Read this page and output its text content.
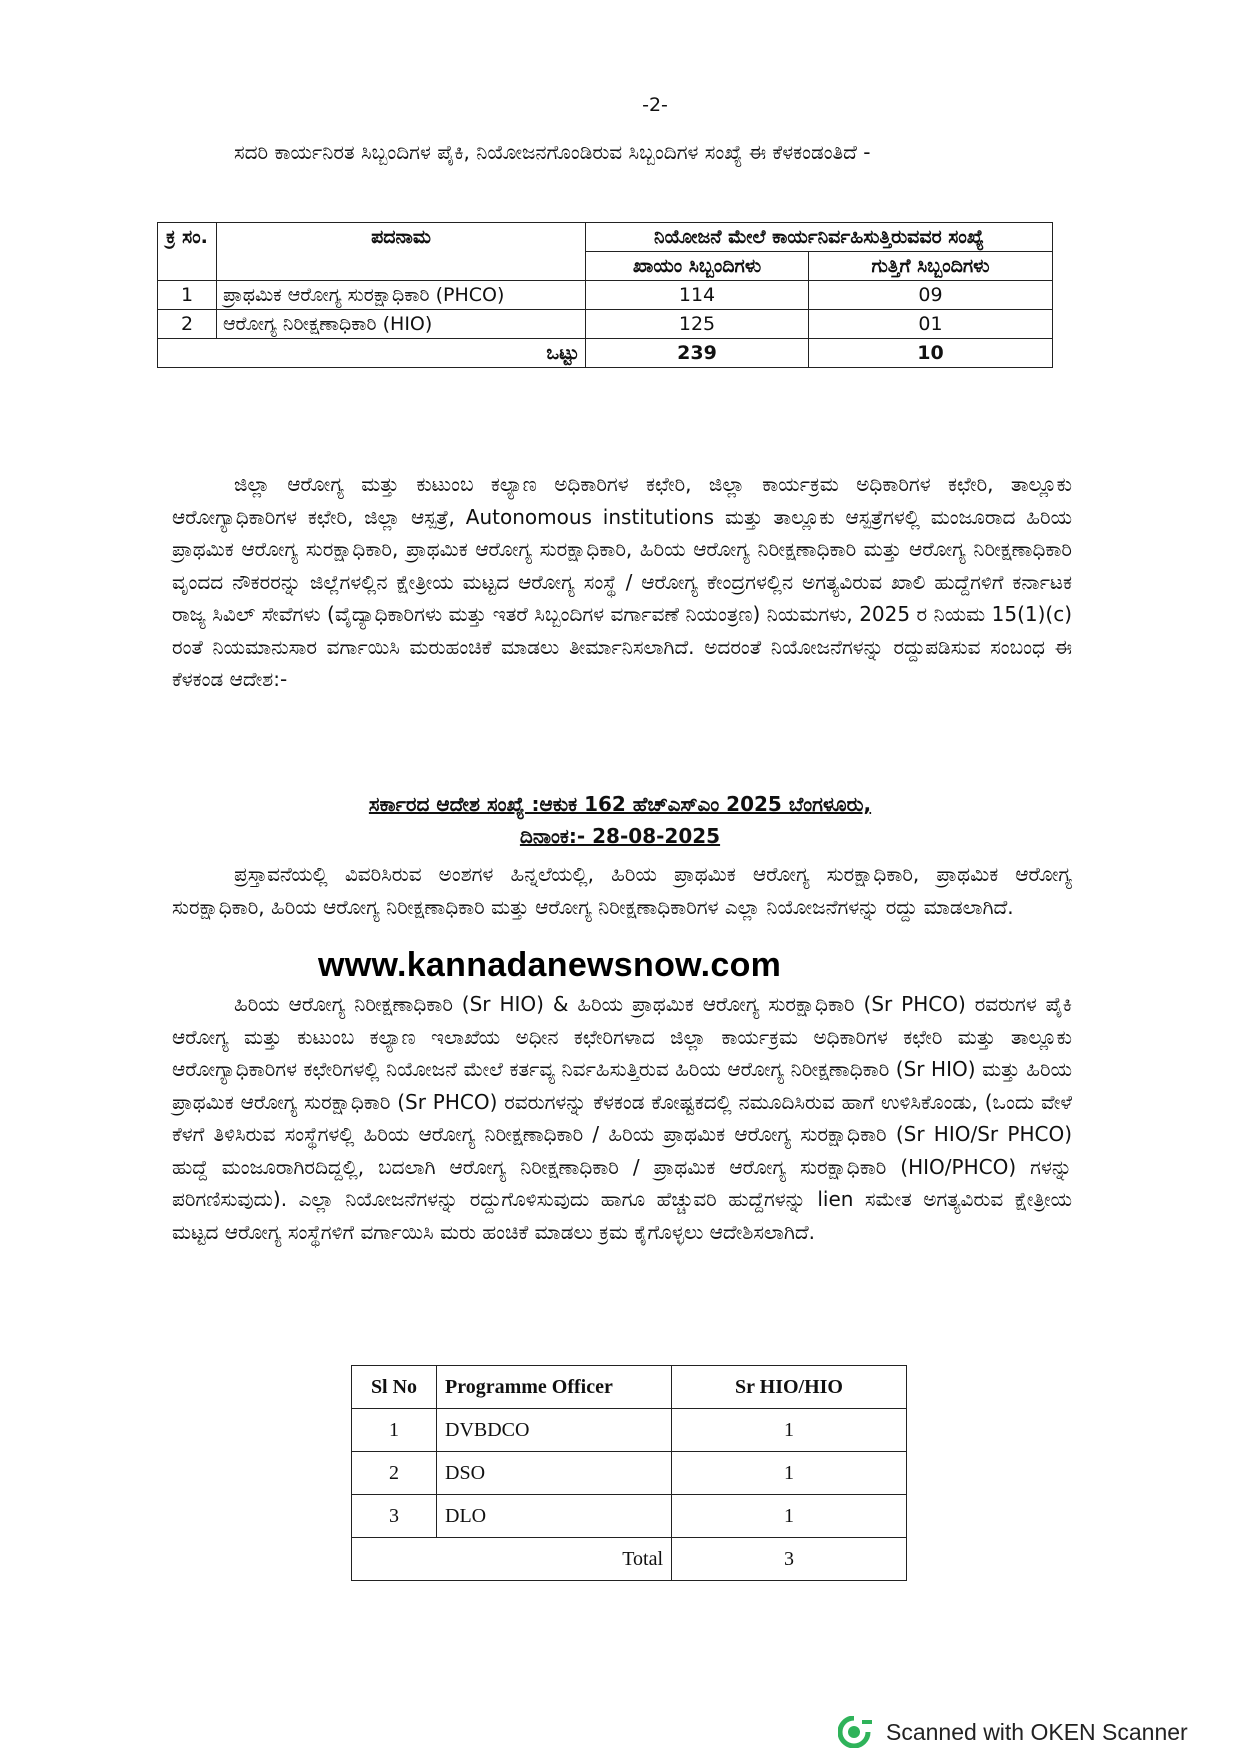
-2-

ಸದರಿ ಕಾರ್ಯನಿರತ ಸಿಬ್ಬಂದಿಗಳ ಪೈಕಿ, ನಿಯೋಜನಗೊಂಡಿರುವ ಸಿಬ್ಬಂದಿಗಳ ಸಂಖ್ಯೆ ಈ ಕೆಳಕಂಡಂತಿದೆ -

ಕ್ರ ಸಂ.	ಪದನಾಮ	ನಿಯೋಜನೆ ಮೇಲೆ ಕಾರ್ಯನಿರ್ವಹಿಸುತ್ತಿರುವವರ ಸಂಖ್ಯೆ	
		ಖಾಯಂ ಸಿಬ್ಬಂದಿಗಳು	ಗುತ್ತಿಗೆ ಸಿಬ್ಬಂದಿಗಳು
1	ಪ್ರಾಥಮಿಕ ಆರೋಗ್ಯ ಸುರಕ್ಷಾಧಿಕಾರಿ (PHCO)	114	09
2	ಆರೋಗ್ಯ ನಿರೀಕ್ಷಣಾಧಿಕಾರಿ (HIO)	125	01
ಒಟ್ಟು		239	10

ಜಿಲ್ಲಾ ಆರೋಗ್ಯ ಮತ್ತು ಕುಟುಂಬ ಕಲ್ಯಾಣ ಅಧಿಕಾರಿಗಳ ಕಛೇರಿ, ಜಿಲ್ಲಾ ಕಾರ್ಯಕ್ರಮ ಅಧಿಕಾರಿಗಳ ಕಛೇರಿ, ತಾಲ್ಲೂಕು ಆರೋಗ್ಯಾಧಿಕಾರಿಗಳ ಕಛೇರಿ, ಜಿಲ್ಲಾ ಆಸ್ಪತ್ರೆ, Autonomous institutions ಮತ್ತು ತಾಲ್ಲೂಕು ಆಸ್ಪತ್ರೆಗಳಲ್ಲಿ ಮಂಜೂರಾದ ಹಿರಿಯ ಪ್ರಾಥಮಿಕ ಆರೋಗ್ಯ ಸುರಕ್ಷಾಧಿಕಾರಿ, ಪ್ರಾಥಮಿಕ ಆರೋಗ್ಯ ಸುರಕ್ಷಾಧಿಕಾರಿ, ಹಿರಿಯ ಆರೋಗ್ಯ ನಿರೀಕ್ಷಣಾಧಿಕಾರಿ ಮತ್ತು ಆರೋಗ್ಯ ನಿರೀಕ್ಷಣಾಧಿಕಾರಿ ವೃಂದದ ನೌಕರರನ್ನು ಜಿಲ್ಲೆಗಳಲ್ಲಿನ ಕ್ಷೇತ್ರೀಯ ಮಟ್ಟದ ಆರೋಗ್ಯ ಸಂಸ್ಥೆ / ಆರೋಗ್ಯ ಕೇಂದ್ರಗಳಲ್ಲಿನ ಅಗತ್ಯವಿರುವ ಖಾಲಿ ಹುದ್ದೆಗಳಿಗೆ ಕರ್ನಾಟಕ ರಾಜ್ಯ ಸಿವಿಲ್ ಸೇವೆಗಳು (ವೈದ್ಯಾಧಿಕಾರಿಗಳು ಮತ್ತು ಇತರೆ ಸಿಬ್ಬಂದಿಗಳ ವರ್ಗಾವಣೆ ನಿಯಂತ್ರಣ) ನಿಯಮಗಳು, 2025 ರ ನಿಯಮ 15(1)(c) ರಂತೆ ನಿಯಮಾನುಸಾರ ವರ್ಗಾಯಿಸಿ ಮರುಹಂಚಿಕೆ ಮಾಡಲು ತೀರ್ಮಾನಿಸಲಾಗಿದೆ. ಅದರಂತೆ ನಿಯೋಜನೆಗಳನ್ನು ರದ್ದುಪಡಿಸುವ ಸಂಬಂಧ ಈ ಕೆಳಕಂಡ ಆದೇಶ:-

ಸರ್ಕಾರದ ಆದೇಶ ಸಂಖ್ಯೆ :ಆಕುಕ 162 ಹೆಚ್‌ಎಸ್‌ಎಂ 2025 ಬೆಂಗಳೂರು,
ದಿನಾಂಕ:- 28-08-2025

ಪ್ರಸ್ತಾವನೆಯಲ್ಲಿ ವಿವರಿಸಿರುವ ಅಂಶಗಳ ಹಿನ್ನಲೆಯಲ್ಲಿ, ಹಿರಿಯ ಪ್ರಾಥಮಿಕ ಆರೋಗ್ಯ ಸುರಕ್ಷಾಧಿಕಾರಿ, ಪ್ರಾಥಮಿಕ ಆರೋಗ್ಯ ಸುರಕ್ಷಾಧಿಕಾರಿ, ಹಿರಿಯ ಆರೋಗ್ಯ ನಿರೀಕ್ಷಣಾಧಿಕಾರಿ ಮತ್ತು ಆರೋಗ್ಯ ನಿರೀಕ್ಷಣಾಧಿಕಾರಿಗಳ ಎಲ್ಲಾ ನಿಯೋಜನೆಗಳನ್ನು ರದ್ದು ಮಾಡಲಾಗಿದೆ.

www.kannadanewsnow.com

ಹಿರಿಯ ಆರೋಗ್ಯ ನಿರೀಕ್ಷಣಾಧಿಕಾರಿ (Sr HIO) & ಹಿರಿಯ ಪ್ರಾಥಮಿಕ ಆರೋಗ್ಯ ಸುರಕ್ಷಾಧಿಕಾರಿ (Sr PHCO) ರವರುಗಳ ಪೈಕಿ ಆರೋಗ್ಯ ಮತ್ತು ಕುಟುಂಬ ಕಲ್ಯಾಣ ಇಲಾಖೆಯ ಅಧೀನ ಕಛೇರಿಗಳಾದ ಜಿಲ್ಲಾ ಕಾರ್ಯಕ್ರಮ ಅಧಿಕಾರಿಗಳ ಕಛೇರಿ ಮತ್ತು ತಾಲ್ಲೂಕು ಆರೋಗ್ಯಾಧಿಕಾರಿಗಳ ಕಛೇರಿಗಳಲ್ಲಿ ನಿಯೋಜನೆ ಮೇಲೆ ಕರ್ತವ್ಯ ನಿರ್ವಹಿಸುತ್ತಿರುವ ಹಿರಿಯ ಆರೋಗ್ಯ ನಿರೀಕ್ಷಣಾಧಿಕಾರಿ (Sr HIO) ಮತ್ತು ಹಿರಿಯ ಪ್ರಾಥಮಿಕ ಆರೋಗ್ಯ ಸುರಕ್ಷಾಧಿಕಾರಿ (Sr PHCO) ರವರುಗಳನ್ನು ಕೆಳಕಂಡ ಕೋಷ್ಟಕದಲ್ಲಿ ನಮೂದಿಸಿರುವ ಹಾಗೆ ಉಳಿಸಿಕೊಂಡು, (ಒಂದು ವೇಳೆ ಕೆಳಗೆ ತಿಳಿಸಿರುವ ಸಂಸ್ಥೆಗಳಲ್ಲಿ ಹಿರಿಯ ಆರೋಗ್ಯ ನಿರೀಕ್ಷಣಾಧಿಕಾರಿ / ಹಿರಿಯ ಪ್ರಾಥಮಿಕ ಆರೋಗ್ಯ ಸುರಕ್ಷಾಧಿಕಾರಿ (Sr HIO/Sr PHCO) ಹುದ್ದೆ ಮಂಜೂರಾಗಿರದಿದ್ದಲ್ಲಿ, ಬದಲಾಗಿ ಆರೋಗ್ಯ ನಿರೀಕ್ಷಣಾಧಿಕಾರಿ / ಪ್ರಾಥಮಿಕ ಆರೋಗ್ಯ ಸುರಕ್ಷಾಧಿಕಾರಿ (HIO/PHCO) ಗಳನ್ನು ಪರಿಗಣಿಸುವುದು). ಎಲ್ಲಾ ನಿಯೋಜನೆಗಳನ್ನು ರದ್ದುಗೊಳಿಸುವುದು ಹಾಗೂ ಹೆಚ್ಚುವರಿ ಹುದ್ದೆಗಳನ್ನು lien ಸಮೇತ ಅಗತ್ಯವಿರುವ ಕ್ಷೇತ್ರೀಯ ಮಟ್ಟದ ಆರೋಗ್ಯ ಸಂಸ್ಥೆಗಳಿಗೆ ವರ್ಗಾಯಿಸಿ ಮರು ಹಂಚಿಕೆ ಮಾಡಲು ಕ್ರಮ ಕೈಗೊಳ್ಳಲು ಆದೇಶಿಸಲಾಗಿದೆ.

Sl No	Programme Officer	Sr HIO/HIO
1	DVBDCO	1
2	DSO	1
3	DLO	1
Total		3
Scanned with OKEN Scanner
